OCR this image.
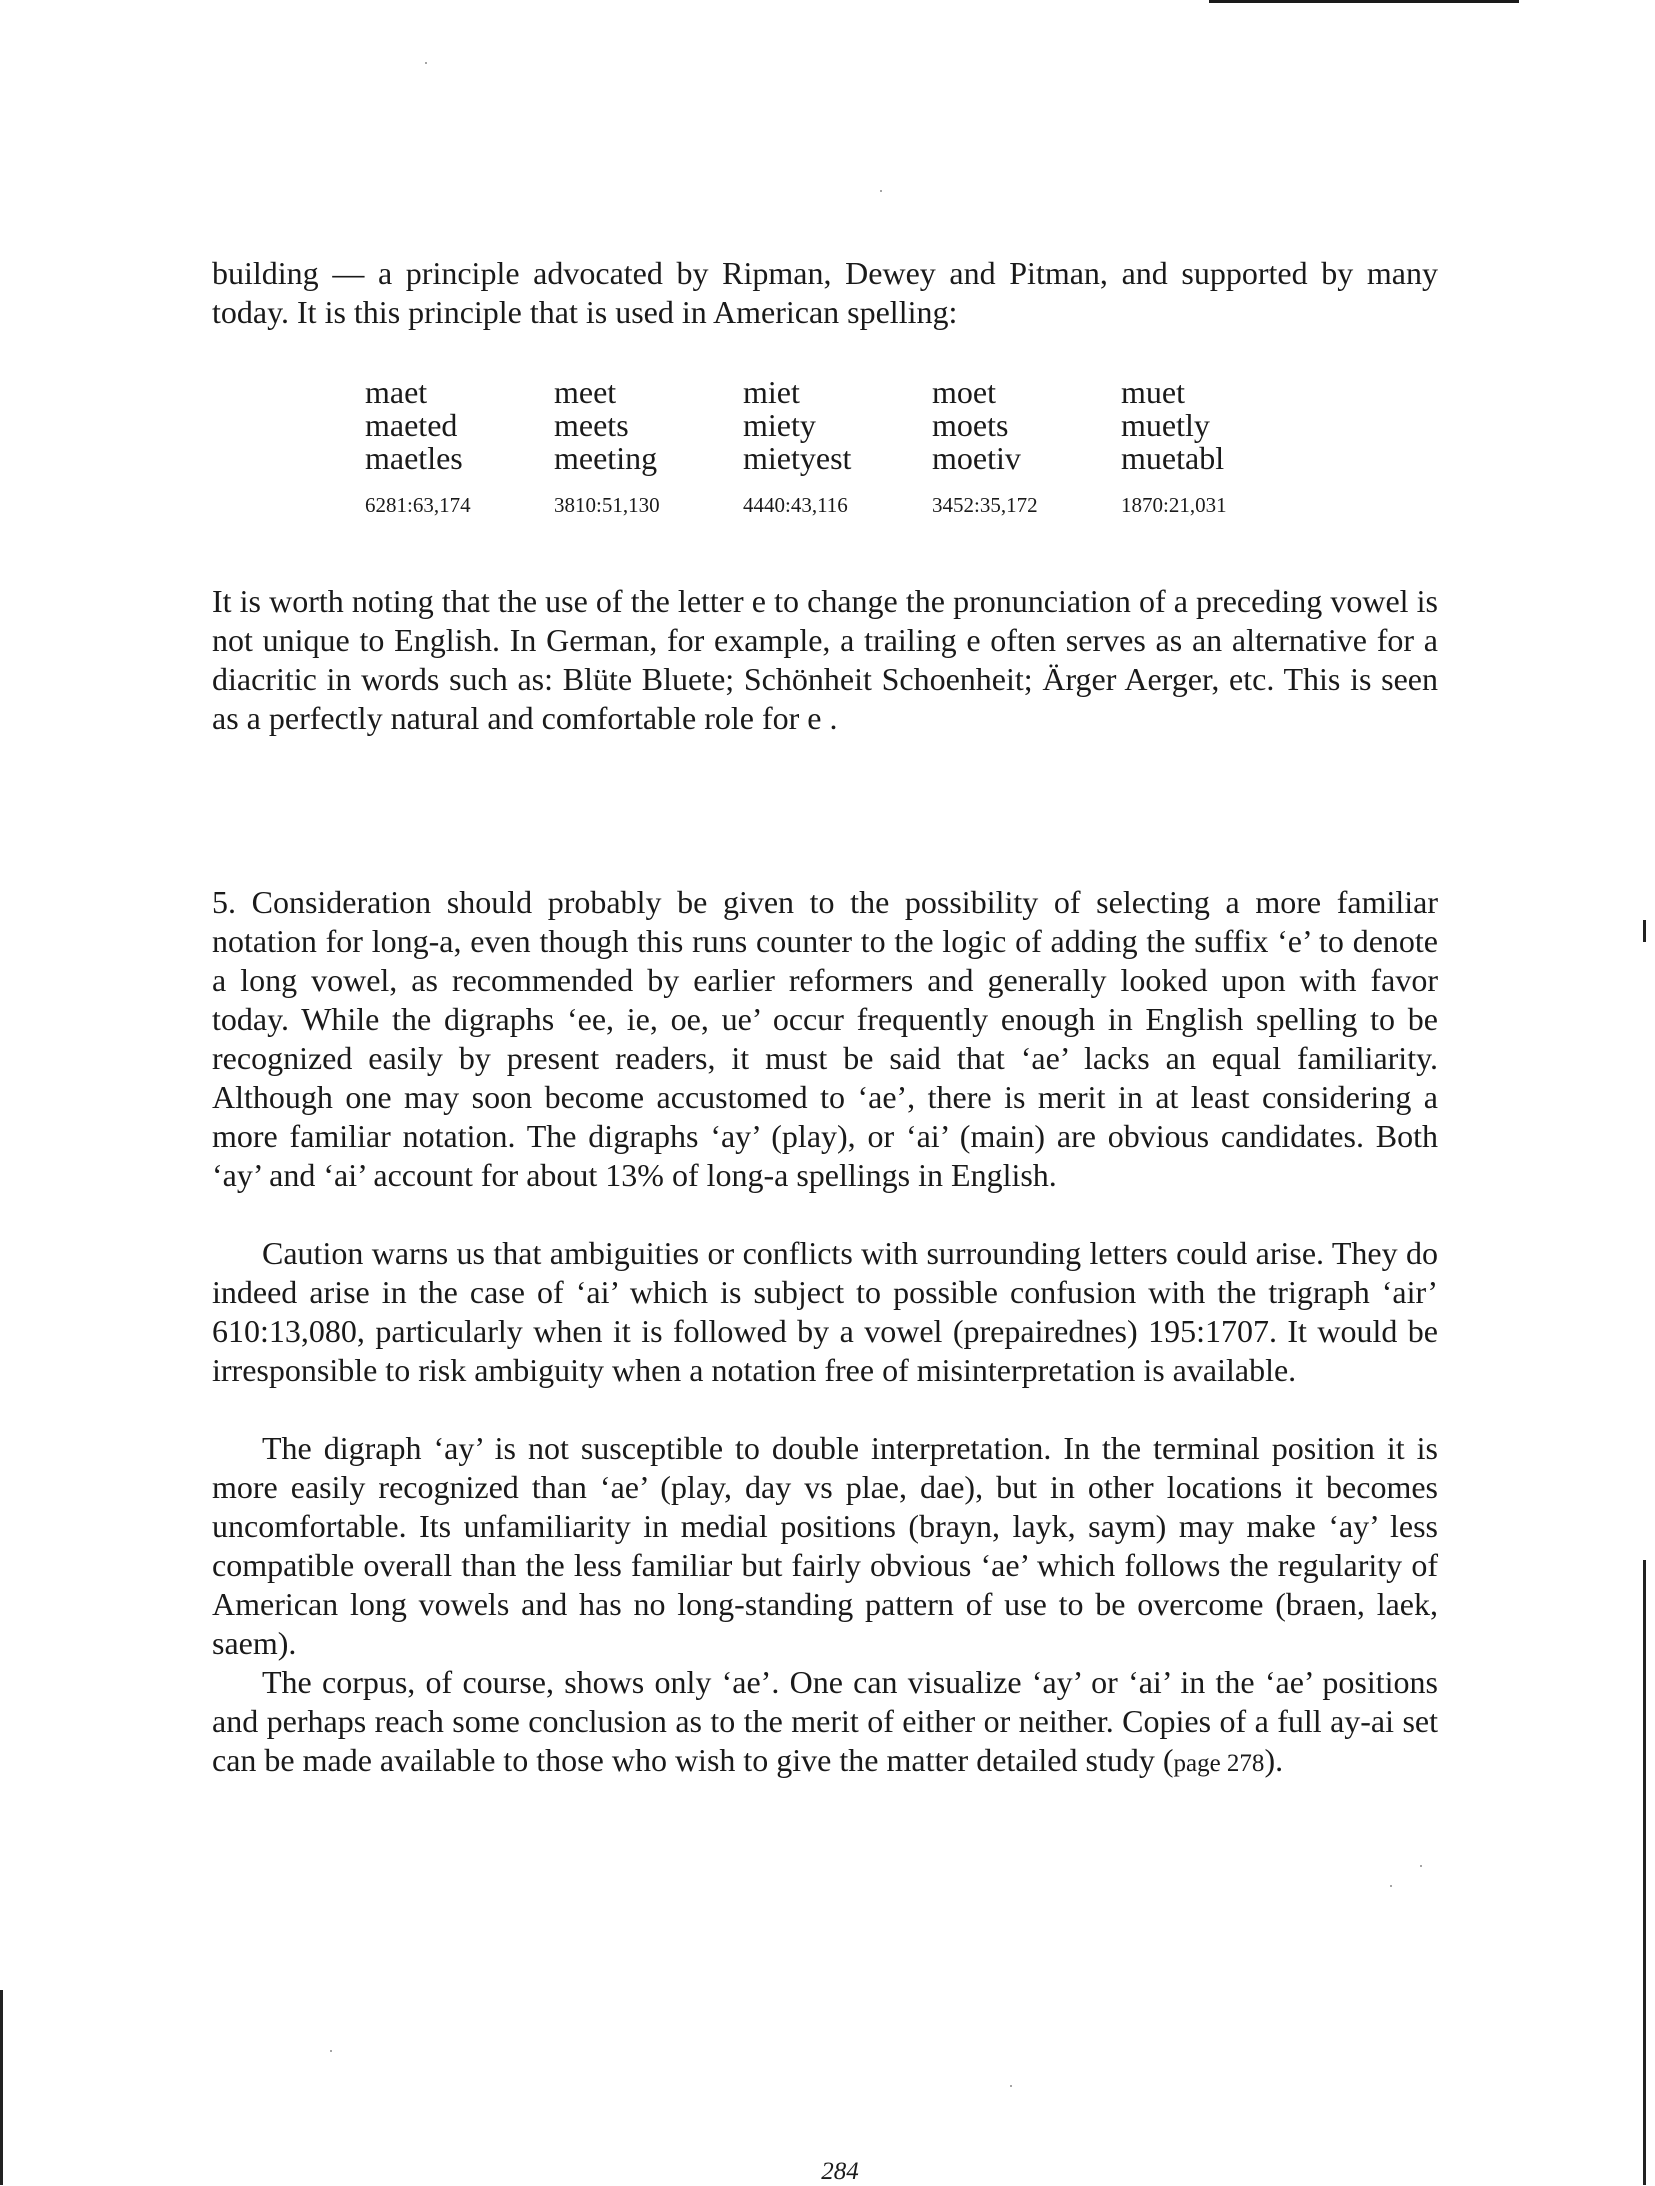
building — a principle advocated by Ripman, Dewey and Pitman, and supported by many today. It is this principle that is used in American spelling:

maet	meet	miet	moet	muet
maeted	meets	miety	moets	muetly
maetles	meeting	mietyest	moetiv	muetabl
6281:63,174	3810:51,130	4440:43,116	3452:35,172	1870:21,031

It is worth noting that the use of the letter e to change the pronunciation of a preceding vowel is not unique to English. In German, for example, a trailing e often serves as an alternative for a diacritic in words such as: Blüte Bluete; Schönheit Schoenheit; Ärger Aerger, etc. This is seen as a perfectly natural and comfortable role for e .

5. Consideration should probably be given to the possibility of selecting a more familiar notation for long-a, even though this runs counter to the logic of adding the suffix ‘e’ to denote a long vowel, as recommended by earlier reformers and generally looked upon with favor today. While the digraphs ‘ee, ie, oe, ue’ occur frequently enough in English spelling to be recognized easily by present readers, it must be said that ‘ae’ lacks an equal familiarity. Although one may soon become accustomed to ‘ae’, there is merit in at least considering a more familiar notation. The digraphs ‘ay’ (play), or ‘ai’ (main) are obvious candidates. Both ‘ay’ and ‘ai’ account for about 13% of long-a spellings in English.

Caution warns us that ambiguities or conflicts with surrounding letters could arise. They do indeed arise in the case of ‘ai’ which is subject to possible confusion with the trigraph ‘air’ 610:13,080, particularly when it is followed by a vowel (prepairednes) 195:1707. It would be irresponsible to risk ambiguity when a notation free of misinterpretation is available.

The digraph ‘ay’ is not susceptible to double interpretation. In the terminal position it is more easily recognized than ‘ae’ (play, day vs plae, dae), but in other locations it becomes uncomfortable. Its unfamiliarity in medial positions (brayn, layk, saym) may make ‘ay’ less compatible overall than the less familiar but fairly obvious ‘ae’ which follows the regularity of American long vowels and has no long-standing pattern of use to be overcome (braen, laek, saem).

The corpus, of course, shows only ‘ae’. One can visualize ‘ay’ or ‘ai’ in the ‘ae’ positions and perhaps reach some conclusion as to the merit of either or neither. Copies of a full ay-ai set can be made available to those who wish to give the matter detailed study (page 278).

284
